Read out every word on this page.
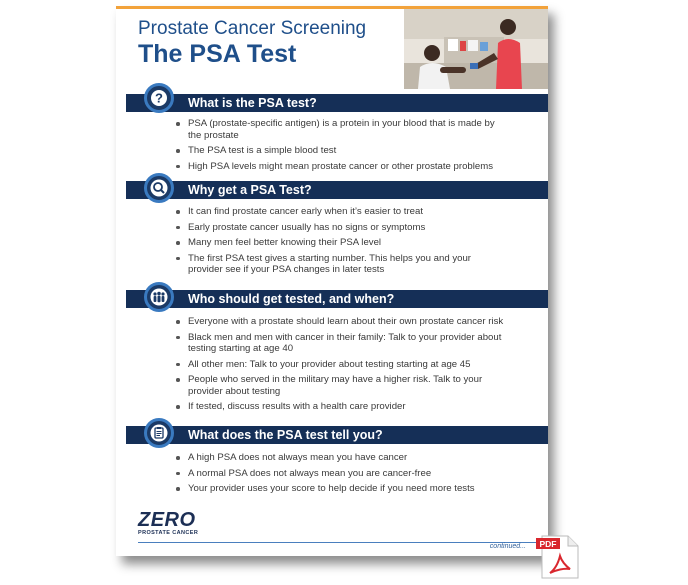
Prostate Cancer Screening
The PSA Test
What is the PSA test?
?
PSA (prostate-specific antigen) is a protein in your blood that is made by the prostate
The PSA test is a simple blood test
High PSA levels might mean prostate cancer or other prostate problems
Why get a PSA Test?
It can find prostate cancer early when it’s easier to treat
Early prostate cancer usually has no signs or symptoms
Many men feel better knowing their PSA level
The first PSA test gives a starting number. This helps you and your provider see if your PSA changes in later tests
Who should get tested, and when?
Everyone with a prostate should learn about their own prostate cancer risk
Black men and men with cancer in their family: Talk to your provider about testing starting at age 40
All other men: Talk to your provider about testing starting at age 45
People who served in the military may have a higher risk. Talk to your provider about testing
If tested, discuss results with a health care provider
What does the PSA test tell you?
A high PSA does not always mean you have cancer
A normal PSA does not always mean you are cancer-free
Your provider uses your score to help decide if you need more tests
ZERO
PROSTATE CANCER
continued... PDF
